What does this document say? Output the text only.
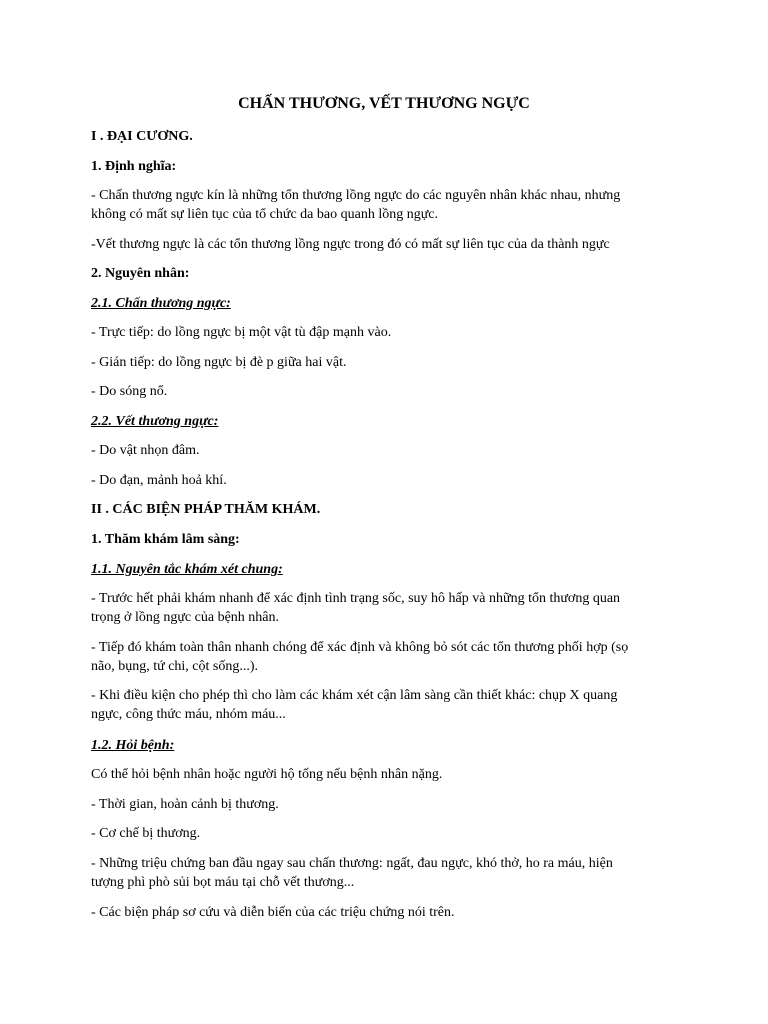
CHẤN THƯƠNG, VẾT THƯƠNG NGỰC
I . ĐẠI CƯƠNG.
1. Định nghĩa:
- Chấn thương ngực kín là những tổn thương lồng ngực do các nguyên nhân khác nhau, nhưng
không có mất sự liên tục của tổ chức da bao quanh lồng ngực.
-Vết thương ngực là các tổn thương lồng ngực trong đó có mất sự liên tục của da thành ngực
2. Nguyên nhân:
2.1. Chấn thương ngực:
- Trực tiếp: do lồng ngực bị một vật tù đập mạnh vào.
- Gián tiếp: do lồng ngực bị đè p giữa hai vật.
- Do sóng nổ.
2.2. Vết thương ngực:
- Do vật nhọn đâm.
- Do đạn, mảnh hoả khí.
II . CÁC BIỆN PHÁP THĂM KHÁM.
1. Thăm khám lâm sàng:
1.1. Nguyên tắc khám xét chung:
- Trước hết phải khám nhanh để xác định tình trạng sốc, suy hô hấp và những tổn thương quan
trọng ở lồng ngực của bệnh nhân.
- Tiếp đó khám toàn thân nhanh chóng để xác định và không bỏ sót các tổn thương phối hợp (sọ
não, bụng, tứ chi, cột sống...).
- Khi điều kiện cho phép thì cho làm các khám xét cận lâm sàng cần thiết khác: chụp X quang
ngực, công thức máu, nhóm máu...
1.2. Hỏi bệnh:
Có thể hỏi bệnh nhân hoặc người hộ tống nếu bệnh nhân nặng.
- Thời gian, hoàn cảnh bị thương.
- Cơ chế bị thương.
- Những triệu chứng ban đầu ngay sau chấn thương: ngất, đau ngực, khó thở, ho ra máu, hiện
tượng phì phò sủi bọt máu tại chỗ vết thương...
- Các biện pháp sơ cứu và diễn biến của các triệu chứng nói trên.
